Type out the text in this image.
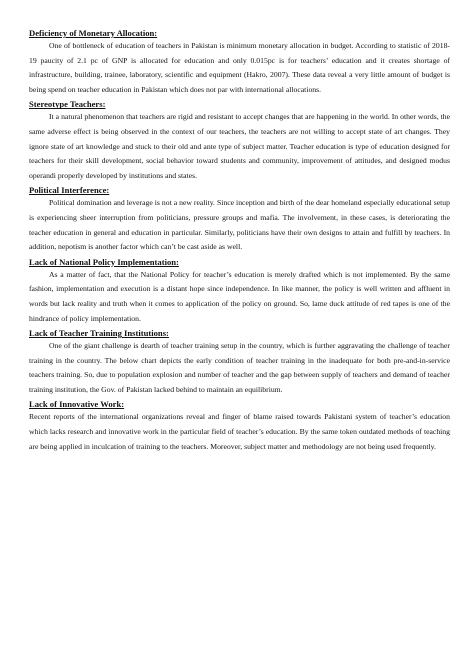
Deficiency of Monetary Allocation:

One of bottleneck of education of teachers in Pakistan is minimum monetary allocation in budget. According to statistic of 2018-19 paucity of 2.1 pc of GNP is allocated for education and only 0.015pc is for teachers’ education and it creates shortage of infrastructure, building, trainee, laboratory, scientific and equipment (Hakro, 2007). These data reveal a very little amount of budget is being spend on teacher education in Pakistan which does not par with international allocations.

Stereotype Teachers:

It a natural phenomenon that teachers are rigid and resistant to accept changes that are happening in the world. In other words, the same adverse effect is being observed in the context of our teachers, the teachers are not willing to accept state of art changes. They ignore state of art knowledge and stuck to their old and ante type of subject matter. Teacher education is type of education designed for teachers for their skill development, social behavior toward students and community, improvement of attitudes, and designed modus operandi properly developed by institutions and states.

Political Interference:

Political domination and leverage is not a new reality. Since inception and birth of the dear homeland especially educational setup is experiencing sheer interruption from politicians, pressure groups and mafia. The involvement, in these cases, is deteriorating the teacher education in general and education in particular. Similarly, politicians have their own designs to attain and fulfill by teachers. In addition, nepotism is another factor which can’t be cast aside as well.

Lack of National Policy Implementation:

As a matter of fact, that the National Policy for teacher’s education is merely drafted which is not implemented. By the same fashion, implementation and execution is a distant hope since independence. In like manner, the policy is well written and affluent in words but lack reality and truth when it comes to application of the policy on ground. So, lame duck attitude of red tapes is one of the hindrance of policy implementation.

Lack of Teacher Training Institutions:

One of the giant challenge is dearth of teacher training setup in the country, which is further aggravating the challenge of teacher training in the country. The below chart depicts the early condition of teacher training in the inadequate for both pre-and-in-service teachers training. So, due to population explosion and number of teacher and the gap between supply of teachers and demand of teacher training institution, the Gov. of Pakistan lacked behind to maintain an equilibrium.

Lack of Innovative Work:

Recent reports of the international organizations reveal and finger of blame raised towards Pakistani system of teacher’s education which lacks research and innovative work in the particular field of teacher’s education. By the same token outdated methods of teaching are being applied in inculcation of training to the teachers. Moreover, subject matter and methodology are not being used frequently.
